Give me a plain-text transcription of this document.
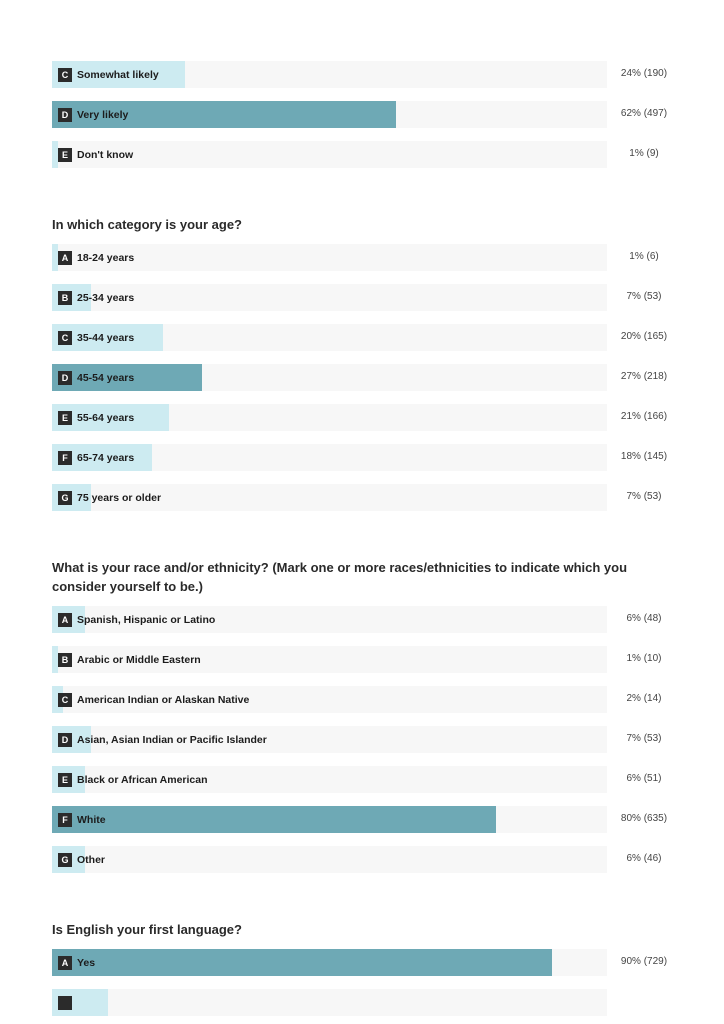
C Somewhat likely	24% (190)
D Very likely	62% (497)
E Don't know	1% (9)
In which category is your age?
A 18-24 years	1% (6)
B 25-34 years	7% (53)
C 35-44 years	20% (165)
D 45-54 years	27% (218)
E 55-64 years	21% (166)
F 65-74 years	18% (145)
G 75 years or older	7% (53)
What is your race and/or ethnicity? (Mark one or more races/ethnicities to indicate which you consider yourself to be.)
A Spanish, Hispanic or Latino	6% (48)
B Arabic or Middle Eastern	1% (10)
C American Indian or Alaskan Native	2% (14)
D Asian, Asian Indian or Pacific Islander	7% (53)
E Black or African American	6% (51)
F White	80% (635)
G Other	6% (46)
Is English your first language?
A Yes	90% (729)
